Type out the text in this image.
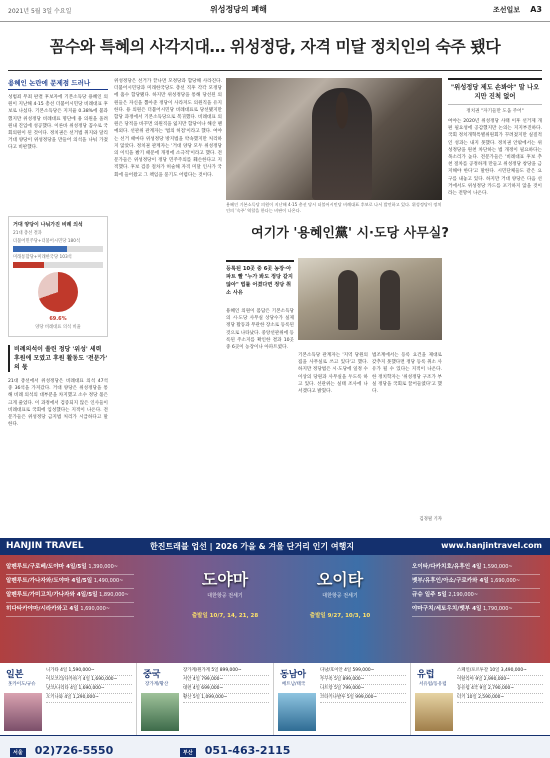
2021년 5월 3일 수요일	위성정당의 폐해	조선일보 A3
꼼수와 특혜의 사각지대… 위성정당, 자격 미달 정치인의 숙주 됐다
용혜인 논란에 문제점 드러나
성범죄 무죄 판결 후보자에 기본소득당 용혜인 의원이 지난해 4·15 총선 더불어시민당 비례대표 후보로 나섰다. 기본소득당은 지지율 0.38%에 불과했지만 위성정당 비례대표 명단에 용 의원을 올려 원내 진입에 성공했다. 이른바 위성정당 꼼수로 국회의원이 된 것이다. 정치권은 선거법 취지와 달리 거대 양당이 위성정당을 만들어 의석을 나눠 가졌다고 비판했다.
거대 양당이 나눠가진 비례 의석
21대 총선 결과
더불어민주당+더불어시민당 180석
미래통합당+미래한국당 103석
69.6%
양당 비례대표 의석 비율
비례의석이 쏠린 정당 '위성' 세력 후원에 모였고 후원 활동도 '전문가' 의 몫
21대 총선에서 위성정당은 비례대표 의석 47석 중 36석을 가져갔다. 거대 양당은 위성정당을 통해 비례 의석의 대부분을 차지했고 소수 정당 몫은 크게 줄었다. 이 과정에서 검증되지 않은 인사들이 비례대표로 국회에 입성했다는 지적이 나온다. 전문가들은 위성정당 금지법 처리가 시급하다고 말한다.
위성정당은 선거가 끝나면 모정당과 합당해 사라진다. 더불어시민당과 미래한국당도 총선 직후 각각 모정당에 흡수 합당됐다. 하지만 위성정당을 통해 당선된 의원들은 자신을 뽑아준 정당이 사라져도 의원직을 유지한다. 용 의원은 더불어시민당 비례대표로 당선됐지만 합당 과정에서 기본소득당으로 복귀했다. 비례대표 의원은 당적을 바꾸면 의원직을 잃지만 합당이나 해산 땐 예외다. 선관위 관계자는 '법의 허점'이라고 했다. 여야는 선거 때마다 위성정당 방지법을 약속했지만 처리하지 않았다. 정치권 관계자는 '거대 양당 모두 위성정당의 이익을 봤기 때문에 개정에 소극적'이라고 했다. 전문가들은 위성정당이 정당 민주주의를 훼손한다고 지적했다. 후보 검증 절차가 허술해 자격 미달 인사가 국회에 들어왔고 그 책임을 묻기도 어렵다는 것이다.
용혜인 기본소득당 의원이 지난해 4·15 총선 당시 더불어시민당 비례대표 후보로 나서 발언하고 있다. 위성정당이 정치인의 '숙주' 역할을 한다는 비판이 나온다.
"위성정당 제도 손봐야" 말 나오지만 진척 없어
정치권 "자기들만 도움 주어"
여야는 2020년 위성정당 사태 이후 선거제 개편 필요성에 공감했지만 논의는 지지부진하다. 국회 정치개혁특별위원회가 꾸려졌지만 실질적인 성과는 내지 못했다. 정치권 안팎에서는 위성정당을 원천 차단하는 법 개정이 필요하다는 목소리가 높다. 전문가들은 '비례대표 후보 추천 절차를 공정하게 만들고 위성정당 창당을 금지해야 한다'고 말한다. 시민단체들도 같은 요구를 내놓고 있다. 하지만 거대 양당은 다음 선거에서도 위성정당 카드를 포기하지 않을 것이라는 전망이 나온다.
여기가 '용혜인黨' 시·도당 사무실?
등록된 10곳 중 6곳 농장·아파트 빨 "누가 봐도 정당 같지 않아" 법률 어겼다면 정당 취소 사유
용혜인 의원이 몸담은 기본소득당의 시·도당 사무실 상당수가 실제 정당 활동과 무관한 장소로 등록된 것으로 나타났다. 중앙선관위에 등록된 주소지를 확인한 결과 10곳 중 6곳이 농장이나 아파트였다.
기본소득당 관계자는 '지역 당원의 집을 사무실로 쓰고 있다'고 했다. 하지만 정당법은 시·도당에 일정 수 이상의 당원과 사무실을 두도록 하고 있다. 선관위는 실태 조사에 나서겠다고 밝혔다.
법조계에서는 등록 요건을 제대로 갖추지 못했다면 정당 등록 취소 사유가 될 수 있다는 지적이 나온다. 한 정치학자는 '위성정당 구조가 부실 정당을 국회로 끌어들였다'고 했다.
김경필 기자
HANJIN TRAVEL	한진트래블 업선 | 2026 가을 & 겨울 단거리 인기 여행지	www.hanjintravel.com
알펜루트/구로베/도야마 4일/5일 1,390,000~
알펜루트/가나자와/도야마 4일/5일 1,490,000~
알펜루트/가미고치/가나자와 4일/5일 1,890,000~
히다타카야마/시라카와고 4일 1,690,000~
도야마
대한항공 전세기
출발일 10/7, 14, 21, 28
오이타
대한항공 전세기
출발일 9/27, 10/3, 10
오이타/다카치호/유후인 4일 1,590,000~
벳부/유후인/아소/구로카와 4일 1,690,000~
규슈 일주 5일 2,190,000~
야마구치/세토우치/벳부 4일 1,790,000~
일본
홋카이도/규슈
니가타 4일 1,590,000~
이모코리/다카하기 4일 1,690,000~
낫코/나리타 4일 1,690,000~
오키나와 4일 1,290,000~
중국
장가계/황산
장가계/원가계 5일 899,000~
서안 4일 799,000~
대련 4일 699,000~
황산 5일 1,099,000~
동남아
베트남/태국
다낭/호이안 4일 599,000~
푸꾸옥 5일 899,000~
나트랑 5일 799,000~
코타키나발루 5일 999,000~
유럽
서유럽/동유럽
스페인/포르투갈 10일 3,490,000~
이탈리아 9일 2,990,000~
동유럽 4국 9일 2,790,000~
터키 10일 2,590,000~
서울 02)726-5550	부산 051-463-2115
